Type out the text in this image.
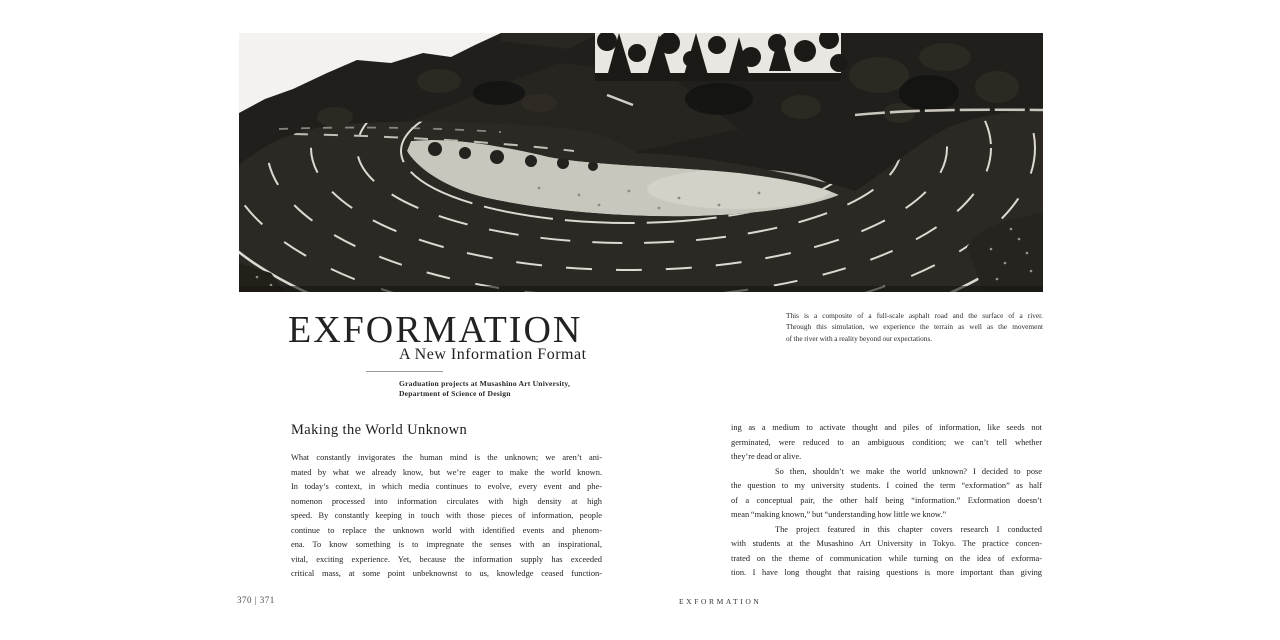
EXFORMATION
A New Information Format
Graduation projects at Musashino Art University,
Department of Science of Design
This is a composite of a full-scale asphalt road and the surface of a river.
Through this simulation, we experience the terrain as well as the movement
of the river with a reality beyond our expectations.
Making the World Unknown
What constantly invigorates the human mind is the unknown; we aren’t ani-
mated by what we already know, but we’re eager to make the world known.
In today’s context, in which media continues to evolve, every event and phe-
nomenon processed into information circulates with high density at high
speed. By constantly keeping in touch with those pieces of information, people
continue to replace the unknown world with identified events and phenom-
ena. To know something is to impregnate the senses with an inspirational,
vital, exciting experience. Yet, because the information supply has exceeded
critical mass, at some point unbeknownst to us, knowledge ceased function-
ing as a medium to activate thought and piles of information, like seeds not
germinated, were reduced to an ambiguous condition; we can’t tell whether
they’re dead or alive.
So then, shouldn’t we make the world unknown? I decided to pose
the question to my university students. I coined the term “exformation” as half
of a conceptual pair, the other half being “information.” Exformation doesn’t
mean “making known,” but “understanding how little we know.”
The project featured in this chapter covers research I conducted
with students at the Musashino Art University in Tokyo. The practice concen-
trated on the theme of communication while turning on the idea of exforma-
tion. I have long thought that raising questions is more important than giving
370 | 371	EXFORMATION
